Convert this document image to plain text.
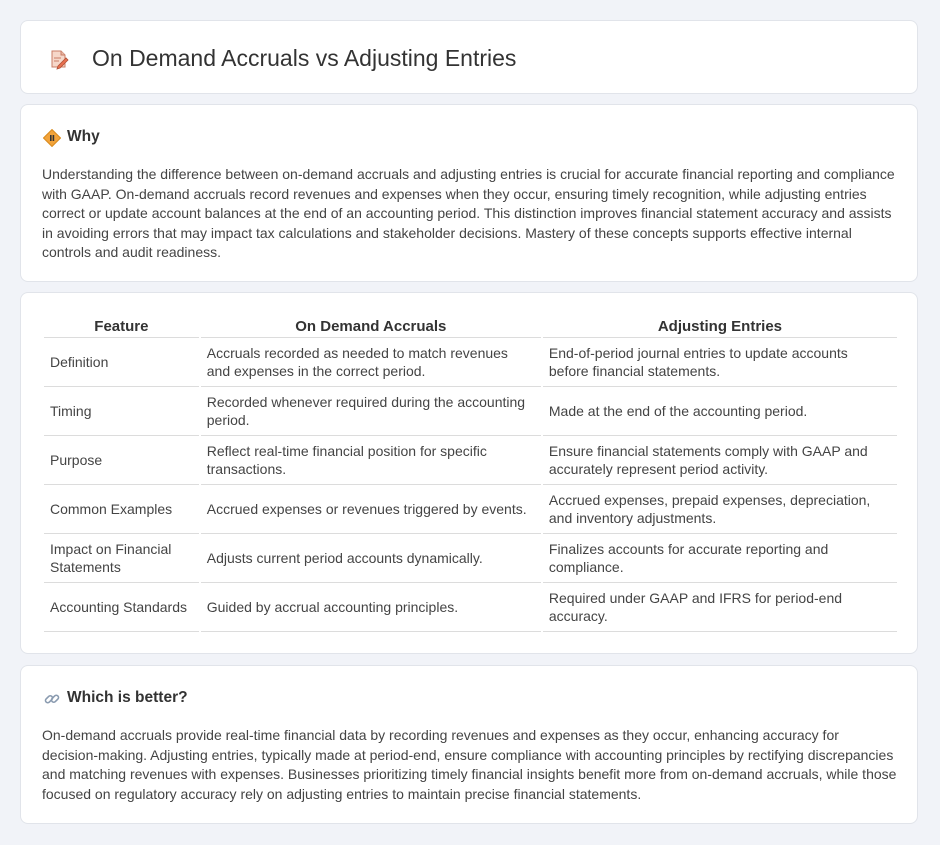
On Demand Accruals vs Adjusting Entries
Why

Understanding the difference between on-demand accruals and adjusting entries is crucial for accurate financial reporting and compliance with GAAP. On-demand accruals record revenues and expenses when they occur, ensuring timely recognition, while adjusting entries correct or update account balances at the end of an accounting period. This distinction improves financial statement accuracy and assists in avoiding errors that may impact tax calculations and stakeholder decisions. Mastery of these concepts supports effective internal controls and audit readiness.

Feature	On Demand Accruals	Adjusting Entries
Definition	Accruals recorded as needed to match revenues and expenses in the correct period.	End-of-period journal entries to update accounts before financial statements.
Timing	Recorded whenever required during the accounting period.	Made at the end of the accounting period.
Purpose	Reflect real-time financial position for specific transactions.	Ensure financial statements comply with GAAP and accurately represent period activity.
Common Examples	Accrued expenses or revenues triggered by events.	Accrued expenses, prepaid expenses, depreciation, and inventory adjustments.
Impact on Financial Statements	Adjusts current period accounts dynamically.	Finalizes accounts for accurate reporting and compliance.
Accounting Standards	Guided by accrual accounting principles.	Required under GAAP and IFRS for period-end accuracy.
Which is better?

On-demand accruals provide real-time financial data by recording revenues and expenses as they occur, enhancing accuracy for decision-making. Adjusting entries, typically made at period-end, ensure compliance with accounting principles by rectifying discrepancies and matching revenues with expenses. Businesses prioritizing timely financial insights benefit more from on-demand accruals, while those focused on regulatory accuracy rely on adjusting entries to maintain precise financial statements.
